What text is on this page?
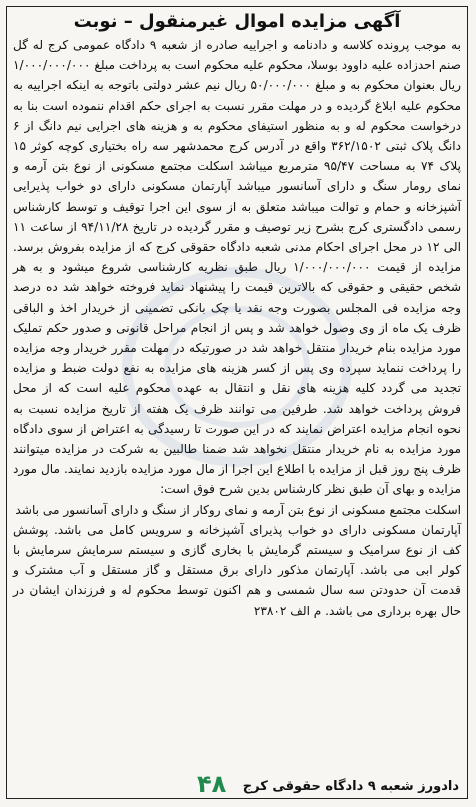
آگهی مزایده اموال غیرمنقول – نوبت

به موجب پرونده کلاسه و دادنامه و اجراییه صادره از شعبه ۹ دادگاه عمومی کرج له گل صنم احدزاده علیه داوود بوسلا، محکوم علیه محکوم است به پرداخت مبلغ ۱/۰۰۰/۰۰۰/۰۰۰ ریال بعنوان محکوم به و مبلغ ۵۰/۰۰۰/۰۰۰ ریال نیم عشر دولتی باتوجه به اینکه اجراییه به محکوم علیه ابلاغ گردیده و در مهلت مقرر نسبت به اجرای حکم اقدام ننموده است بنا به درخواست محکوم له و به منظور استیفای محکوم به و هزینه های اجرایی نیم دانگ از ۶ دانگ پلاک ثبتی ۳۶۲/۱۵۰۲ واقع در آدرس کرج محمدشهر سه راه بختیاری کوچه کوثر ۱۵ پلاک ۷۴ به مساحت ۹۵/۴۷ مترمربع میباشد اسکلت مجتمع مسکونی از نوع بتن آرمه و نمای رومار سنگ و دارای آسانسور میباشد آپارتمان مسکونی دارای دو خواب پذیرایی آشپزخانه و حمام و توالت میباشد متعلق به از سوی این اجرا توقیف و توسط کارشناس رسمی دادگستری کرج بشرح زیر توصیف و مقرر گردیده در تاریخ ۹۴/۱۱/۲۸ از ساعت ۱۱ الی ۱۲ در محل اجرای احکام مدنی شعبه دادگاه حقوقی کرج که از مزایده بفروش برسد. مزایده از قیمت ۱/۰۰۰/۰۰۰/۰۰۰ ریال طبق نظریه کارشناسی شروع میشود و به هر شخص حقیقی و حقوقی که بالاترین قیمت را پیشنهاد نماید فروخته خواهد شد ده درصد وجه مزایده فی المجلس بصورت وجه نقد یا چک بانکی تضمینی از خریدار اخذ و الباقی ظرف یک ماه از وی وصول خواهد شد و پس از انجام مراحل قانونی و صدور حکم تملیک مورد مزایده بنام خریدار منتقل خواهد شد در صورتیکه در مهلت مقرر خریدار وجه مزایده را پرداخت ننماید سپرده وی پس از کسر هزینه های مزایده به نفع دولت ضبط و مزایده تجدید می گردد کلیه هزینه های نقل و انتقال به عهده محکوم علیه است که از محل فروش پرداخت خواهد شد. طرفین می توانند ظرف یک هفته از تاریخ مزایده نسبت به نحوه انجام مزایده اعتراض نمایند که در این صورت تا رسیدگی به اعتراض از سوی دادگاه مورد مزایده به نام خریدار منتقل نخواهد شد ضمنا طالبین به شرکت در مزایده میتوانند ظرف پنج روز قبل از مزایده با اطلاع این اجرا از مال مورد مزایده بازدید نمایند. مال مورد مزایده و بهای آن طبق نظر کارشناس بدین شرح فوق است:

اسکلت مجتمع مسکونی از نوع بتن آرمه و نمای روکار از سنگ و دارای آسانسور می باشد

آپارتمان مسکونی دارای دو خواب پذیرای آشپزخانه و سرویس کامل می باشد. پوشش کف از نوع سرامیک و سیستم گرمایش با بخاری گازی و سیستم سرمایش سرمایش با کولر ابی می باشد. آپارتمان مذکور دارای برق مستقل و گاز مستقل و آب مشترک و قدمت آن حدودتن سه سال شمسی و هم اکنون توسط محکوم له و فرزندان ایشان در حال بهره برداری می باشد. م الف ۲۳۸۰۲

۴۸ دادورز شعبه ۹ دادگاه حقوقی کرج
